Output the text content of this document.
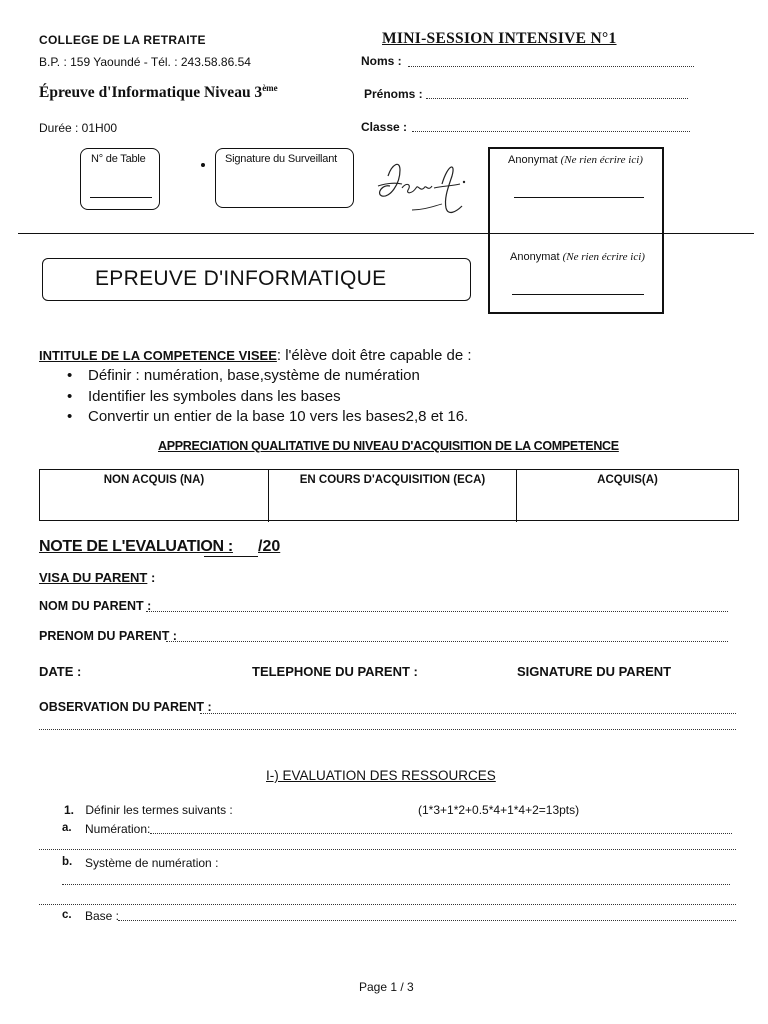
COLLEGE DE LA RETRAITE
B.P. : 159 Yaoundé - Tél. : 243.58.86.54
Épreuve d'Informatique Niveau 3ème
Durée : 01H00
MINI-SESSION INTENSIVE N°1
Noms :
Prénoms :
Classe :
N° de Table	Signature du Surveillant	Anonymat (Ne rien écrire ici)
Anonymat (Ne rien écrire ici)
EPREUVE D'INFORMATIQUE
INTITULE DE LA COMPETENCE VISEE: l'élève doit être capable de :
• Définir : numération, base,système de numération
• Identifier les symboles dans les bases
• Convertir un entier de la base 10 vers les bases2,8 et 16.
APPRECIATION QUALITATIVE DU NIVEAU D'ACQUISITION DE LA COMPETENCE
NON ACQUIS (NA)	EN COURS D'ACQUISITION (ECA)	ACQUIS(A)
NOTE DE L'EVALUATION : /20
VISA DU PARENT :
NOM DU PARENT :
PRENOM DU PARENT :
DATE :	TELEPHONE DU PARENT :	SIGNATURE DU PARENT
OBSERVATION DU PARENT :
I-) EVALUATION DES RESSOURCES
1. Définir les termes suivants :	(1*3+1*2+0.5*4+1*4+2=13pts)
a. Numération:
b. Système de numération :
c. Base :
Page 1 / 3
